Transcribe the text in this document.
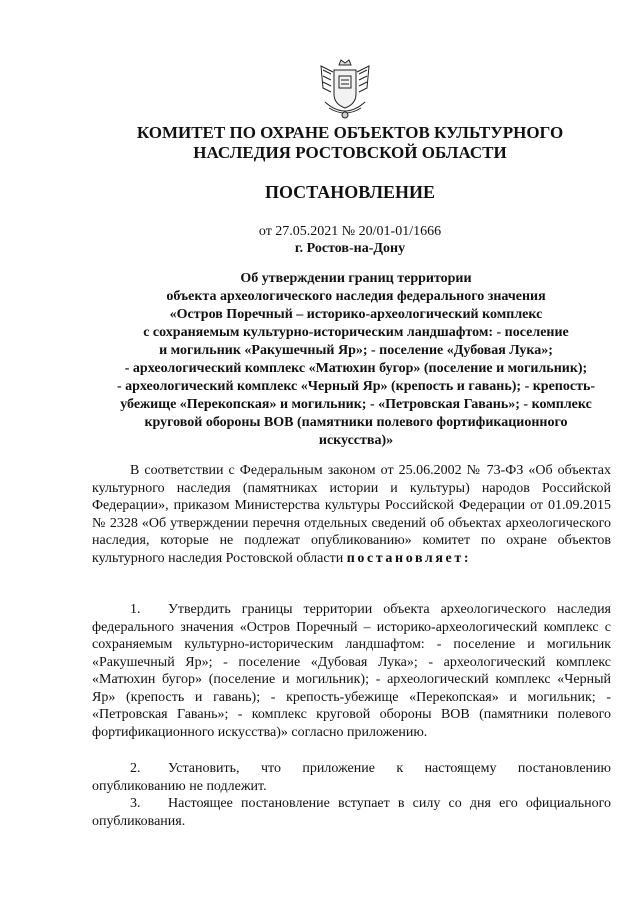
КОМИТЕТ ПО ОХРАНЕ ОБЪЕКТОВ КУЛЬТУРНОГО
НАСЛЕДИЯ РОСТОВСКОЙ ОБЛАСТИ
ПОСТАНОВЛЕНИЕ
от 27.05.2021 № 20/01-01/1666
г. Ростов-на-Дону
Об утверждении границ территории
объекта археологического наследия федерального значения
«Остров Поречный – историко-археологический комплекс
с сохраняемым культурно-историческим ландшафтом: - поселение
и могильник «Ракушечный Яр»; - поселение «Дубовая Лука»;
- археологический комплекс «Матюхин бугор» (поселение и могильник);
- археологический комплекс «Черный Яр» (крепость и гавань); - крепость-
убежище «Перекопская» и могильник; - «Петровская Гавань»; - комплекс
круговой обороны ВОВ (памятники полевого фортификационного
искусства)»
В соответствии с Федеральным законом от 25.06.2002 № 73-ФЗ «Об объектах культурного наследия (памятниках истории и культуры) народов Российской Федерации», приказом Министерства культуры Российской Федерации от 01.09.2015 № 2328 «Об утверждении перечня отдельных сведений об объектах археологического наследия, которые не подлежат опубликованию» комитет по охране объектов культурного наследия Ростовской области постановляет:
1. Утвердить границы территории объекта археологического наследия федерального значения «Остров Поречный – историко-археологический комплекс с сохраняемым культурно-историческим ландшафтом: - поселение и могильник «Ракушечный Яр»; - поселение «Дубовая Лука»; - археологический комплекс «Матюхин бугор» (поселение и могильник); - археологический комплекс «Черный Яр» (крепость и гавань); - крепость-убежище «Перекопская» и могильник; - «Петровская Гавань»; - комплекс круговой обороны ВОВ (памятники полевого фортификационного искусства)» согласно приложению.
2. Установить, что приложение к настоящему постановлению опубликованию не подлежит.
3. Настоящее постановление вступает в силу со дня его официального опубликования.
